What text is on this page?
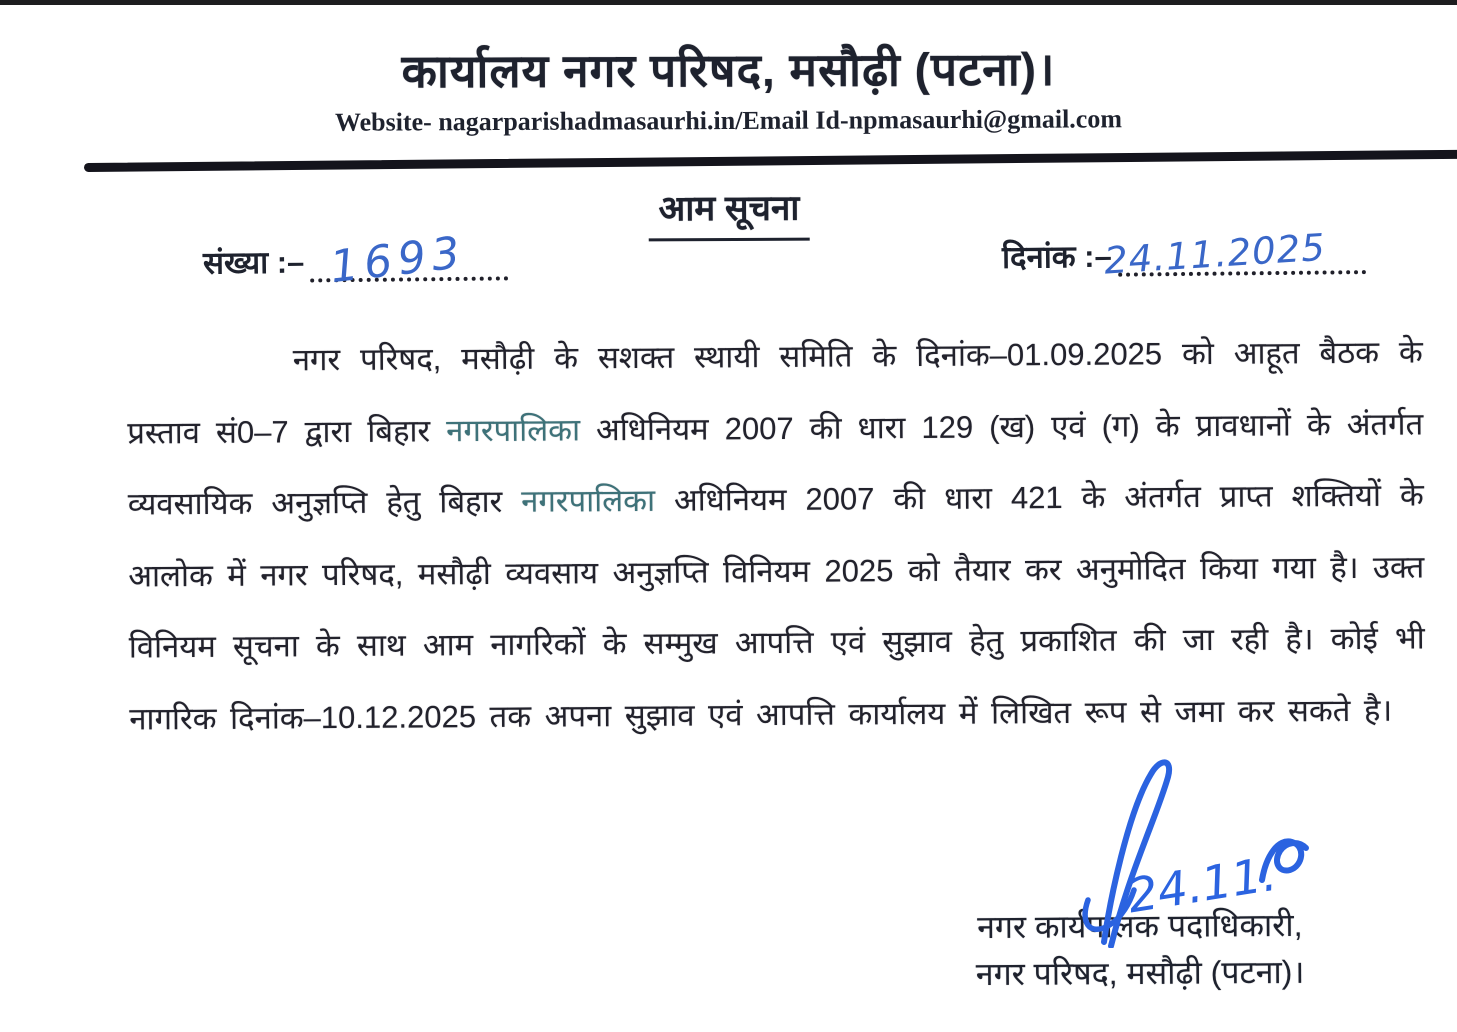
कार्यालय नगर परिषद, मसौढ़ी (पटना)।
Website- nagarparishadmasaurhi.in/Email Id-npmasaurhi@gmail.com
आम सूचना
संख्या :– 1693	दिनांक :–
24.11.2025

नगर परिषद, मसौढ़ी के सशक्त स्थायी समिति के दिनांक–01.09.2025 को आहूत बैठक के प्रस्ताव सं0–7 द्वारा बिहार नगरपालिका अधिनियम 2007 की धारा 129 (ख) एवं (ग) के प्रावधानों के अंतर्गत व्यवसायिक अनुज्ञप्ति हेतु बिहार नगरपालिका अधिनियम 2007 की धारा 421 के अंतर्गत प्राप्त शक्तियों के आलोक में नगर परिषद, मसौढ़ी व्यवसाय अनुज्ञप्ति विनियम 2025 को तैयार कर अनुमोदित किया गया है। उक्त विनियम सूचना के साथ आम नागरिकों के सम्मुख आपत्ति एवं सुझाव हेतु प्रकाशित की जा रही है। कोई भी नागरिक दिनांक–10.12.2025 तक अपना सुझाव एवं आपत्ति कार्यालय में लिखित रूप से जमा कर सकते है।

24.11.
नगर कार्यपालक पदाधिकारी,
नगर परिषद, मसौढ़ी (पटना)।
